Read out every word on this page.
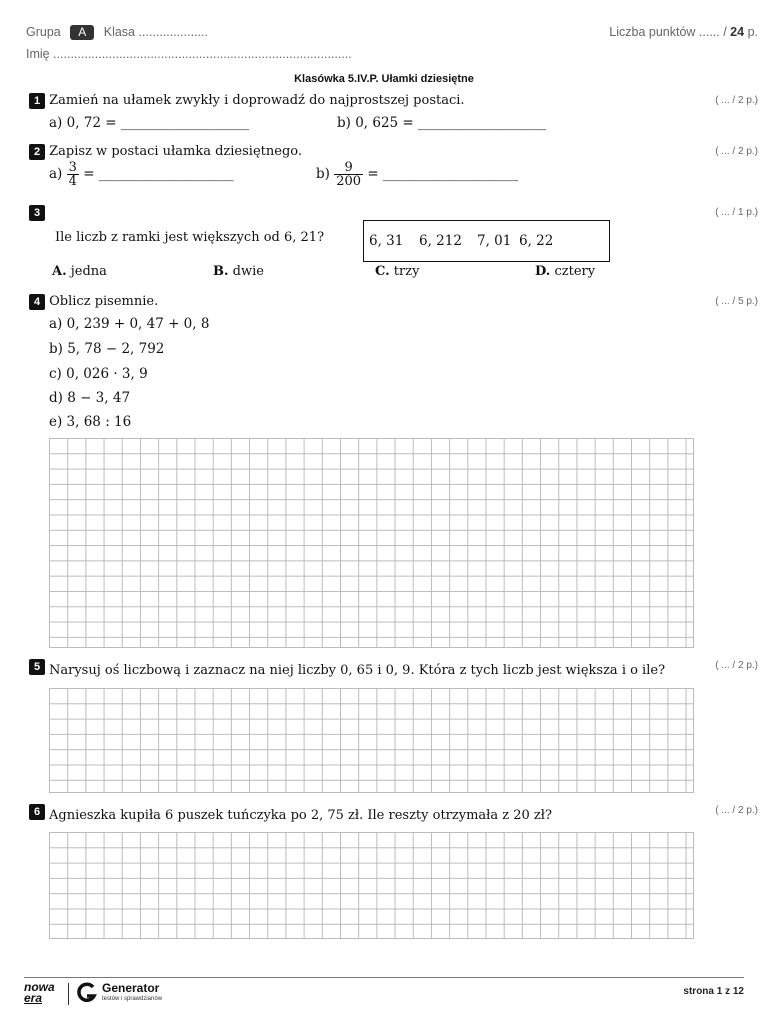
Grupa A Klasa ....................	Liczba punktów ...... / 24 p.
Imię ......................................................................................
Klasówka 5.IV.P. Ułamki dziesiętne
1 Zamień na ułamek zwykły i doprowadź do najprostszej postaci.	( ... / 2 p.)
a) 0, 72 = ___________________	b) 0, 625 = ___________________
2 Zapisz w postaci ułamka dziesiętnego.	( ... / 2 p.)
$a) \frac{3}{4}$ = ____________________	$b) \frac{9}{200}$ = ____________________
3	( ... / 1 p.)
Ile liczb z ramki jest większych od 6, 21?	6, 31 6, 212 7, 01 6, 22
A. jedna	B. dwie	C. trzy	D. cztery
4 Oblicz pisemnie.	( ... / 5 p.)
a) 0, 239 + 0, 47 + 0, 8
b) 5, 78 − 2, 792
c) 0, 026 · 3, 9
d) 8 − 3, 47
e) 3, 68 : 16
5 Narysuj oś liczbową i zaznacz na niej liczby 0, 65 i 0, 9. Która z tych liczb jest większa i o ile?	( ... / 2 p.)
6 Agnieszka kupiła 6 puszek tuńczyka po 2, 75 zł. Ile reszty otrzymała z 20 zł?	( ... / 2 p.)
nowa
era
Generator
testów i sprawdzianów
strona 1 z 12
